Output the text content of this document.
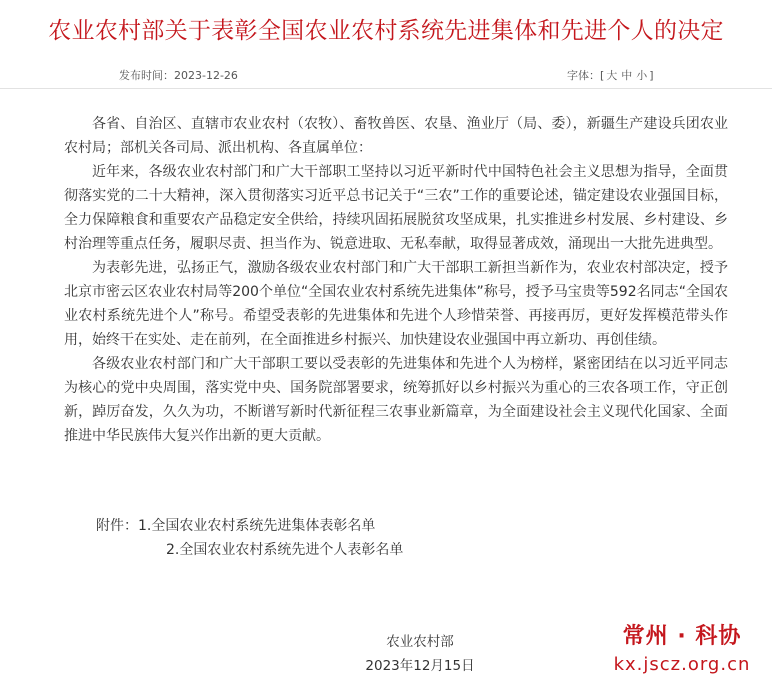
农业农村部关于表彰全国农业农村系统先进集体和先进个人的决定
发布时间：2023-12-26	字体：[ 大 中 小 ]

各省、自治区、直辖市农业农村（农牧）、畜牧兽医、农垦、渔业厅（局、委），新疆生产建设兵团农业农村局；部机关各司局、派出机构、各直属单位：

近年来，各级农业农村部门和广大干部职工坚持以习近平新时代中国特色社会主义思想为指导，全面贯彻落实党的二十大精神，深入贯彻落实习近平总书记关于“三农”工作的重要论述，锚定建设农业强国目标，全力保障粮食和重要农产品稳定安全供给，持续巩固拓展脱贫攻坚成果，扎实推进乡村发展、乡村建设、乡村治理等重点任务，履职尽责、担当作为、锐意进取、无私奉献，取得显著成效，涌现出一大批先进典型。

为表彰先进，弘扬正气，激励各级农业农村部门和广大干部职工新担当新作为，农业农村部决定，授予北京市密云区农业农村局等200个单位“全国农业农村系统先进集体”称号，授予马宝贵等592名同志“全国农业农村系统先进个人”称号。希望受表彰的先进集体和先进个人珍惜荣誉、再接再厉，更好发挥模范带头作用，始终干在实处、走在前列，在全面推进乡村振兴、加快建设农业强国中再立新功、再创佳绩。

各级农业农村部门和广大干部职工要以受表彰的先进集体和先进个人为榜样，紧密团结在以习近平同志为核心的党中央周围，落实党中央、国务院部署要求，统筹抓好以乡村振兴为重心的三农各项工作，守正创新，踔厉奋发，久久为功，不断谱写新时代新征程三农事业新篇章，为全面建设社会主义现代化国家、全面推进中华民族伟大复兴作出新的更大贡献。

附件：1.全国农业农村系统先进集体表彰名单
2.全国农业农村系统先进个人表彰名单
农业农村部
2023年12月15日
常州 · 科协
kx.jscz.org.cn
